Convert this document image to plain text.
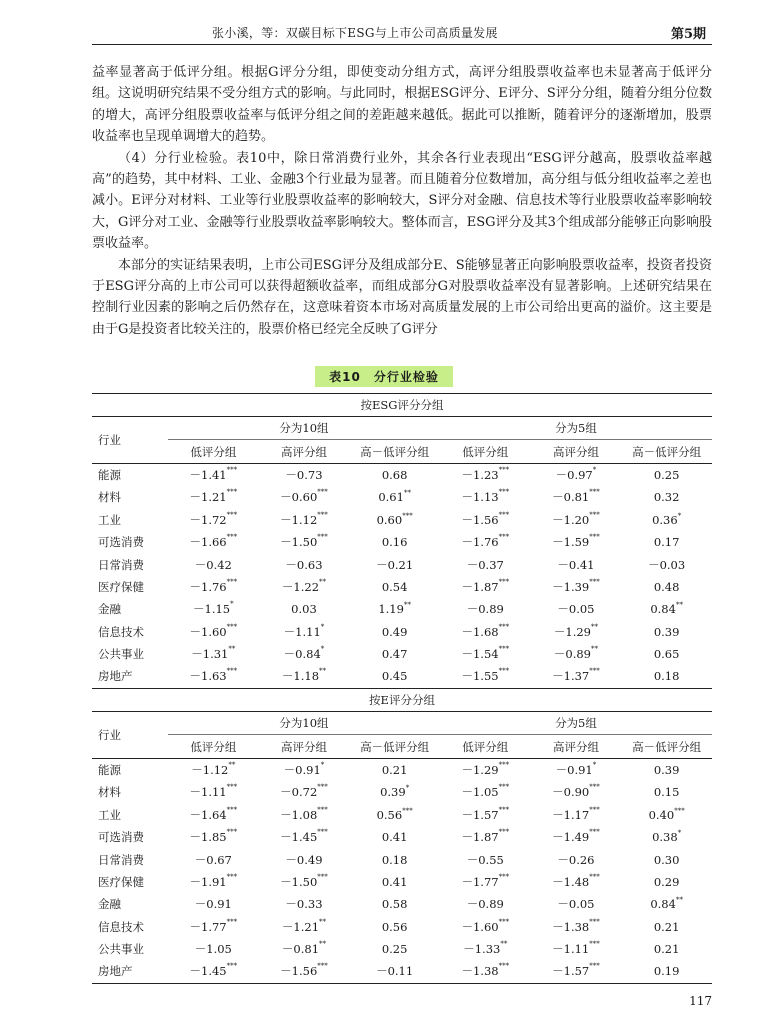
张小溪，等：双碳目标下ESG与上市公司高质量发展	第5期

益率显著高于低评分组。根据G评分分组，即使变动分组方式，高评分组股票收益率也未显著高于低评分组。这说明研究结果不受分组方式的影响。与此同时，根据ESG评分、E评分、S评分分组，随着分组分位数的增大，高评分组股票收益率与低评分组之间的差距越来越低。据此可以推断，随着评分的逐渐增加，股票收益率也呈现单调增大的趋势。

（4）分行业检验。表10中，除日常消费行业外，其余各行业表现出“ESG评分越高，股票收益率越高”的趋势，其中材料、工业、金融3个行业最为显著。而且随着分位数增加，高分组与低分组收益率之差也减小。E评分对材料、工业等行业股票收益率的影响较大，S评分对金融、信息技术等行业股票收益率影响较大，G评分对工业、金融等行业股票收益率影响较大。整体而言，ESG评分及其3个组成部分能够正向影响股票收益率。

本部分的实证结果表明，上市公司ESG评分及组成部分E、S能够显著正向影响股票收益率，投资者投资于ESG评分高的上市公司可以获得超额收益率，而组成部分G对股票收益率没有显著影响。上述研究结果在控制行业因素的影响之后仍然存在，这意味着资本市场对高质量发展的上市公司给出更高的溢价。这主要是由于G是投资者比较关注的，股票价格已经完全反映了G评分

表10　分行业检验
按ESG评分分组						
行业	分为10组			分为5组		
	低评分组	高评分组	高－低评分组	低评分组	高评分组	高－低评分组
能源	－1.41***	－0.73	0.68	－1.23***	－0.97*	0.25
材料	－1.21***	－0.60***	0.61**	－1.13***	－0.81***	0.32
工业	－1.72***	－1.12***	0.60***	－1.56***	－1.20***	0.36*
可选消费	－1.66***	－1.50***	0.16	－1.76***	－1.59***	0.17
日常消费	－0.42	－0.63	－0.21	－0.37	－0.41	－0.03
医疗保健	－1.76***	－1.22**	0.54	－1.87***	－1.39***	0.48
金融	－1.15*	0.03	1.19**	－0.89	－0.05	0.84**
信息技术	－1.60***	－1.11*	0.49	－1.68***	－1.29**	0.39
公共事业	－1.31**	－0.84*	0.47	－1.54***	－0.89**	0.65
房地产	－1.63***	－1.18**	0.45	－1.55***	－1.37***	0.18
按E评分分组						
行业	分为10组			分为5组		
	低评分组	高评分组	高－低评分组	低评分组	高评分组	高－低评分组
能源	－1.12**	－0.91*	0.21	－1.29***	－0.91*	0.39
材料	－1.11***	－0.72***	0.39*	－1.05***	－0.90***	0.15
工业	－1.64***	－1.08***	0.56***	－1.57***	－1.17***	0.40***
可选消费	－1.85***	－1.45***	0.41	－1.87***	－1.49***	0.38*
日常消费	－0.67	－0.49	0.18	－0.55	－0.26	0.30
医疗保健	－1.91***	－1.50***	0.41	－1.77***	－1.48***	0.29
金融	－0.91	－0.33	0.58	－0.89	－0.05	0.84**
信息技术	－1.77***	－1.21**	0.56	－1.60***	－1.38***	0.21
公共事业	－1.05	－0.81**	0.25	－1.33**	－1.11***	0.21
房地产	－1.45***	－1.56***	－0.11	－1.38***	－1.57***	0.19
117
